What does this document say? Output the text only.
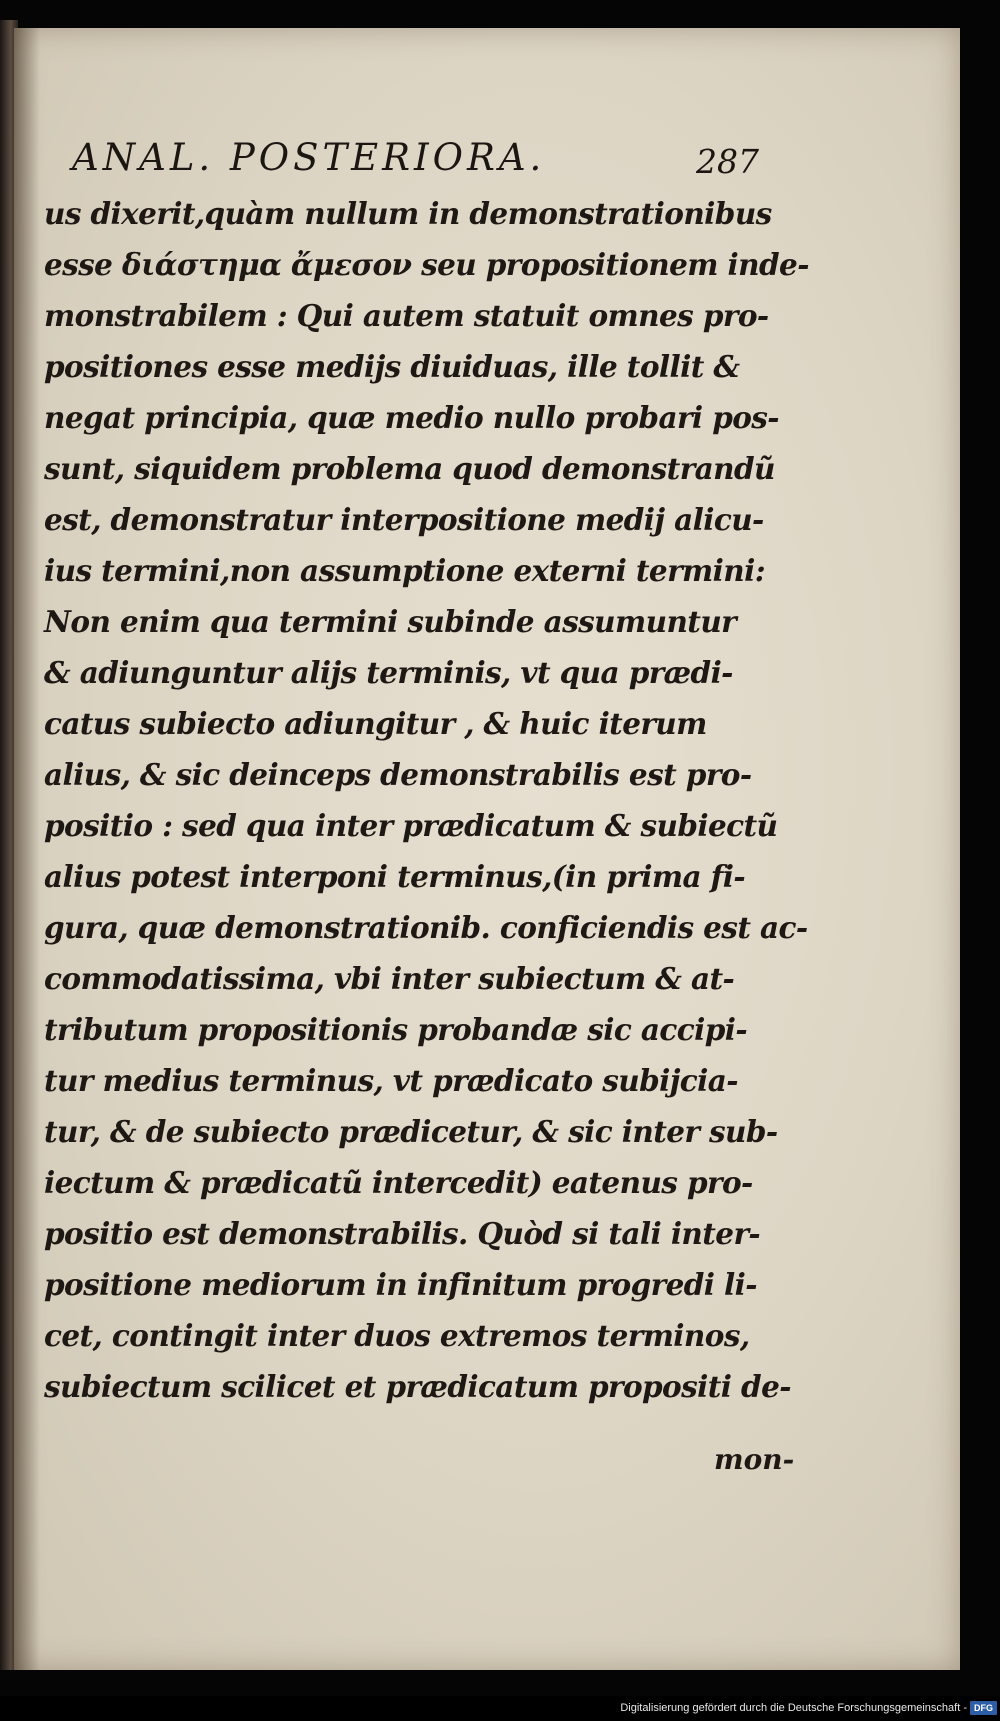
ANAL. POSTERIORA.	287
us dixerit,quàm nullum in demonstrationibus
esse διάστημα ἄμεσον seu propositionem inde-
monstrabilem : Qui autem statuit omnes pro-
positiones esse medijs diuiduas, ille tollit &
negat principia, quæ medio nullo probari pos-
sunt, siquidem problema quod demonstrandũ
est, demonstratur interpositione medij alicu-
ius termini,non assumptione externi termini:
Non enim qua termini subinde assumuntur
& adiunguntur alijs terminis, vt qua prædi-
catus subiecto adiungitur , & huic iterum
alius, & sic deinceps demonstrabilis est pro-
positio : sed qua inter prædicatum & subiectũ
alius potest interponi terminus,(in prima fi-
gura, quæ demonstrationib. conficiendis est ac-
commodatissima, vbi inter subiectum & at-
tributum propositionis probandæ sic accipi-
tur medius terminus, vt prædicato subijcia-
tur, & de subiecto prædicetur, & sic inter sub-
iectum & prædicatũ intercedit) eatenus pro-
positio est demonstrabilis. Quòd si tali inter-
positione mediorum in infinitum progredi li-
cet, contingit inter duos extremos terminos,
subiectum scilicet et prædicatum propositi de-
mon-
Digitalisierung gefördert durch die Deutsche Forschungsgemeinschaft - DFG
